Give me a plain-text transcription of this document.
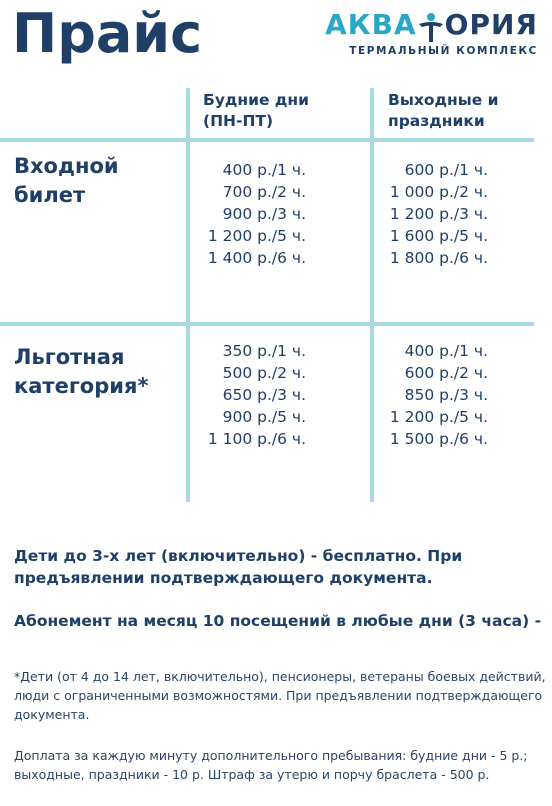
Прайс	АКВА ОРИЯ
ТЕРМАЛЬНЫЙ КОМПЛЕКС
Будние дни
(ПН-ПТ)
Выходные и
праздники
Входной
билет
400 р./1 ч.
700 р./2 ч.
900 р./3 ч.
1 200 р./5 ч.
1 400 р./6 ч.
600 р./1 ч.
1 000 р./2 ч.
1 200 р./3 ч.
1 600 р./5 ч.
1 800 р./6 ч.
Льготная
категория*
350 р./1 ч.
500 р./2 ч.
650 р./3 ч.
900 р./5 ч.
1 100 р./6 ч.
400 р./1 ч.
600 р./2 ч.
850 р./3 ч.
1 200 р./5 ч.
1 500 р./6 ч.
Дети до 3-х лет (включительно) - бесплатно. При
предъявлении подтверждающего документа.
Абонемент на месяц 10 посещений в любые дни (3 часа) -
*Дети (от 4 до 14 лет, включительно), пенсионеры, ветераны боевых действий,
люди с ограниченными возможностями. При предъявлении подтверждающего
документа.
Доплата за каждую минуту дополнительного пребывания: будние дни - 5 р.;
выходные, праздники - 10 р. Штраф за утерю и порчу браслета - 500 р.
